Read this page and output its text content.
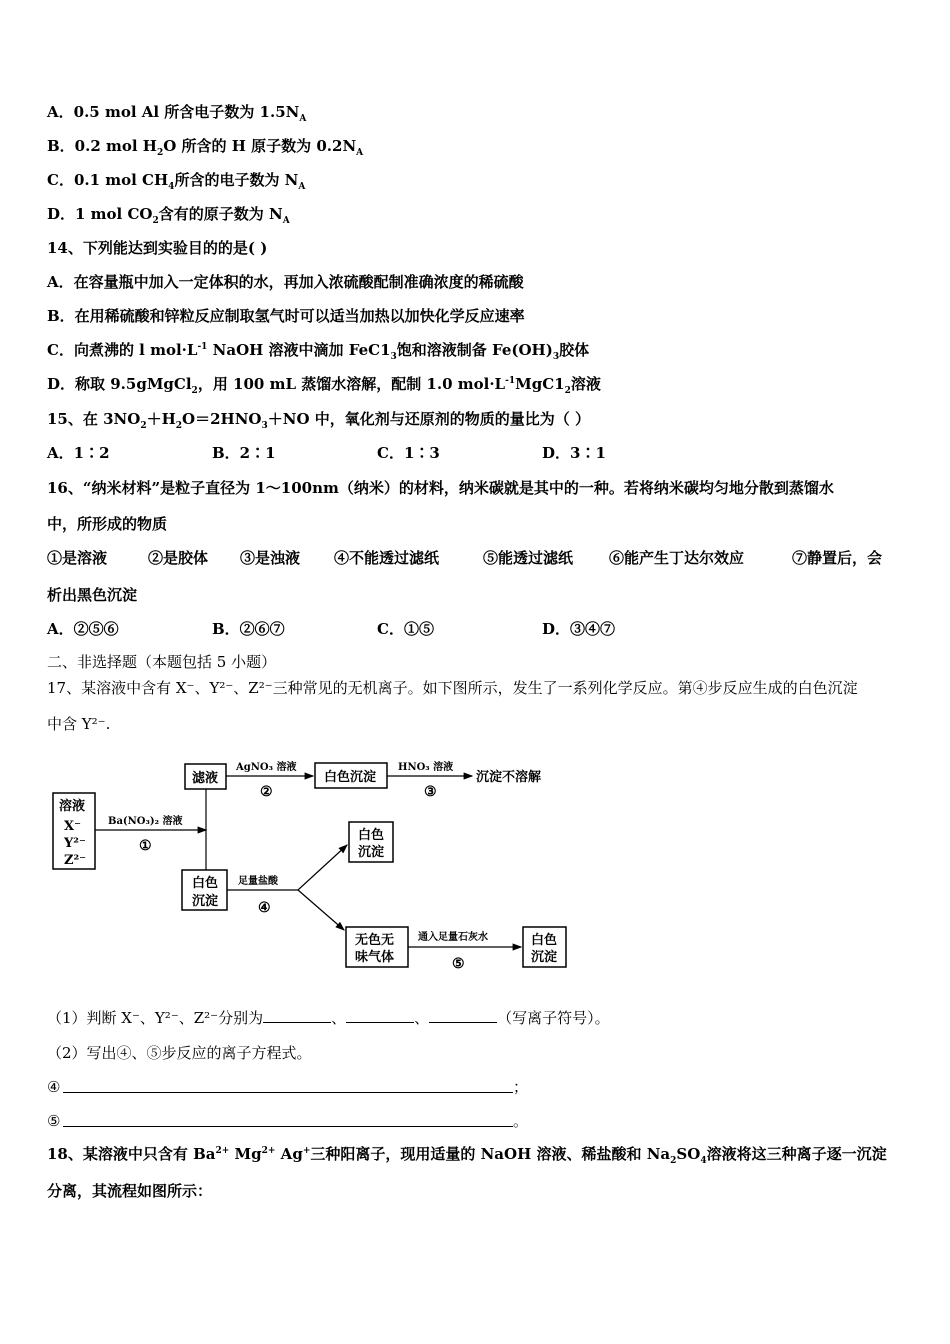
A．0.5 mol Al 所含电子数为 $1.5N_A$
B．0.2 mol $H_2O$ 所含的 H 原子数为 $0.2N_A$
C．0.1 mol $CH_4$所含的电子数为 $N_A$
D．1 mol $CO_2$含有的原子数为 $N_A$
14、下列能达到实验目的的是( )
A．在容量瓶中加入一定体积的水，再加入浓硫酸配制准确浓度的稀硫酸
B．在用稀硫酸和锌粒反应制取氢气时可以适当加热以加快化学反应速率
C．向煮沸的 l $mol\cdot L^{-1}$ NaOH 溶液中滴加 $FeC1_3$饱和溶液制备 $Fe(OH)_3$胶体
D．称取 9.5gMgCl$_2$，用 100 mL 蒸馏水溶解，配制 1.0 $mol\cdot L^{-1}MgC1_2$溶液
15、在 $3NO_2+H_2O=2HNO_3+NO$ 中，氧化剂与还原剂的物质的量比为（ ）
A．1∶2	B．2∶1	C．1∶3	D．3∶1
16、“纳米材料”是粒子直径为 1～100nm（纳米）的材料，纳米碳就是其中的一种。若将纳米碳均匀地分散到蒸馏水
中，所形成的物质
①是溶液	②是胶体 ③是浊液 ④不能透过滤纸	⑤能透过滤纸 ⑥能产生丁达尔效应	⑦静置后，会
析出黑色沉淀
A．②⑤⑥	B．②⑥⑦	C．①⑤	D．③④⑦
二、非选择题（本题包括 5 小题）
17、某溶液中含有 X⁻、Y²⁻、Z²⁻三种常见的无机离子。如下图所示，发生了一系列化学反应。第④步反应生成的白色沉淀
中含 Y²⁻.
溶液
X⁻
Y²⁻
Z²⁻
Ba(NO₃)₂ 溶液
①
滤液
AgNO₃ 溶液
②
白色沉淀
HNO₃ 溶液
③
沉淀不溶解
白色
沉淀
足量盐酸
④
白色
沉淀
无色无
味气体
通入足量石灰水
⑤
白色
沉淀
（1）判断 X⁻、Y²⁻、Z²⁻分别为	、	、	（写离子符号）。
（2）写出④、⑤步反应的离子方程式。
④	；
⑤	。
18、某溶液中只含有 $Ba^{2+}$ $Mg^{2+}$ Ag+三种阳离子，现用适量的 NaOH 溶液、稀盐酸和 $Na_2SO_4$溶液将这三种离子逐一沉淀
分离，其流程如图所示：
